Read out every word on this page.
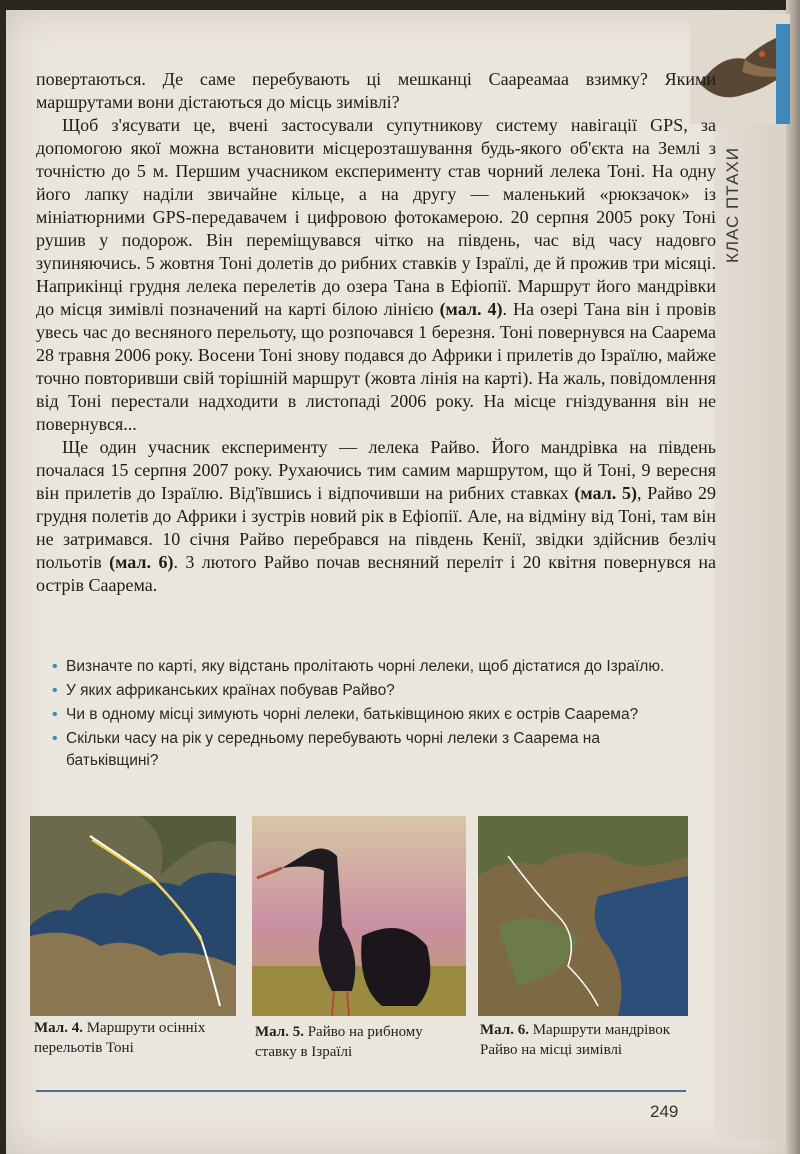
КЛАС ПТАХИ

повертаються. Де саме перебувають ці мешканці Саареамаа взимку? Якими маршрутами вони дістаються до місць зимівлі?

Щоб з'ясувати це, вчені застосували супутникову систему навігації GPS, за допомогою якої можна встановити місцерозташування будь-якого об'єкта на Землі з точністю до 5 м. Першим учасником експерименту став чорний лелека Тоні. На одну його лапку наділи звичайне кільце, а на другу — маленький «рюкзачок» із мініатюрними GPS-передавачем і цифровою фотокамерою. 20 серпня 2005 року Тоні рушив у подорож. Він переміщувався чітко на південь, час від часу надовго зупиняючись. 5 жовтня Тоні долетів до рибних ставків у Ізраїлі, де й прожив три місяці. Наприкінці грудня лелека перелетів до озера Тана в Ефіопії. Маршрут його мандрівки до місця зимівлі позначений на карті білою лінією (мал. 4). На озері Тана він і провів увесь час до весняного перельоту, що розпочався 1 березня. Тоні повернувся на Саарема 28 травня 2006 року. Восени Тоні знову подався до Африки і прилетів до Ізраїлю, майже точно повторивши свій торішній маршрут (жовта лінія на карті). На жаль, повідомлення від Тоні перестали надходити в листопаді 2006 року. На місце гніздування він не повернувся...

Ще один учасник експерименту — лелека Райво. Його мандрівка на південь почалася 15 серпня 2007 року. Рухаючись тим самим маршрутом, що й Тоні, 9 вересня він прилетів до Ізраїлю. Від'ївшись і відпочивши на рибних ставках (мал. 5), Райво 29 грудня полетів до Африки і зустрів новий рік в Ефіопії. Але, на відміну від Тоні, там він не затримався. 10 січня Райво перебрався на південь Кенії, звідки здійснив безліч польотів (мал. 6). 3 лютого Райво почав весняний переліт і 20 квітня повернувся на острів Саарема.

• Визначте по карті, яку відстань пролітають чорні лелеки, щоб дістатися до Ізраїлю.
• У яких африканських країнах побував Райво?
• Чи в одному місці зимують чорні лелеки, батьківщиною яких є острів Саарема?
• Скільки часу на рік у середньому перебувають чорні лелеки з Саарема на батьківщині?
Мал. 4. Маршрути осінніх перельотів Тоні
Мал. 5. Райво на рибному ставку в Ізраїлі
Мал. 6. Маршрути мандрівок Райво на місці зимівлі
249
